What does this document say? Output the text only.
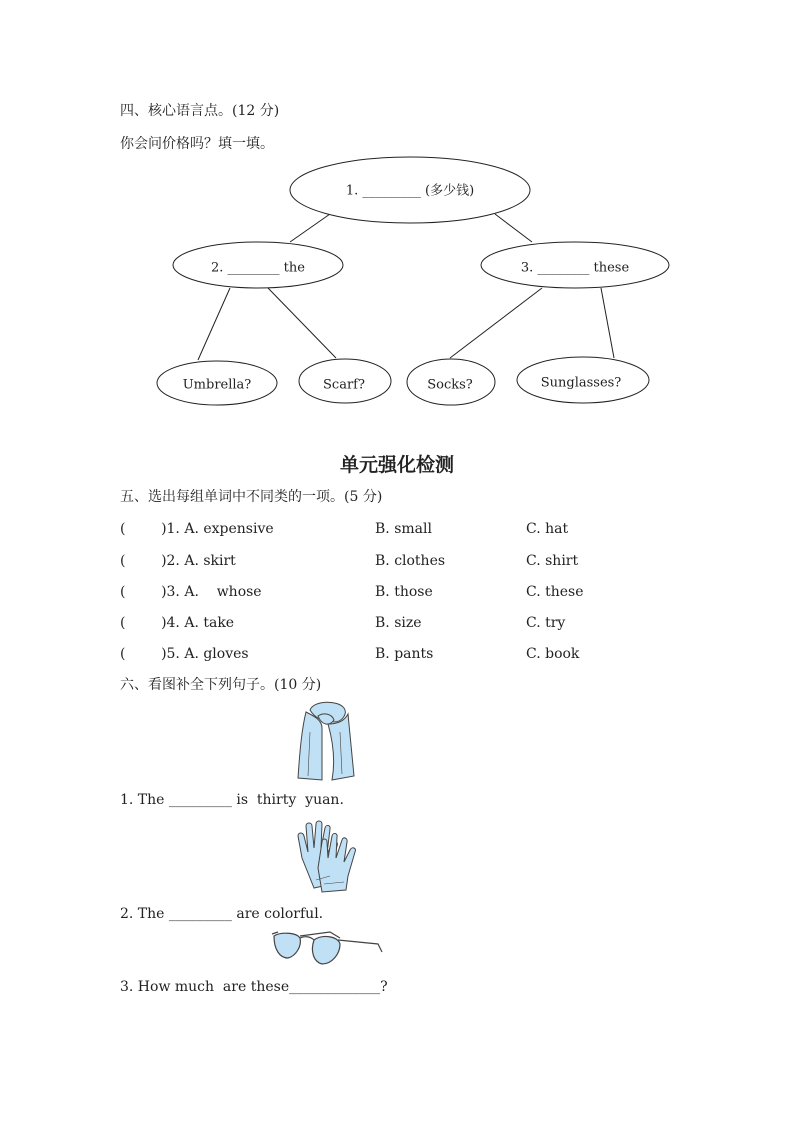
四、核心语言点。(12 分)
你会问价格吗？填一填。
1. _________ (多少钱)
2. ________ the	3. ________ these
Umbrella?	Scarf?	Socks?	Sunglasses?
单元强化检测
五、选出每组单词中不同类的一项。(5 分)
(        )1. A. expensive	B. small	C. hat
(        )2. A. skirt	B. clothes	C. shirt
(        )3. A.    whose	B. those	C. these
(        )4. A. take	B. size	C. try
(        )5. A. gloves	B. pants	C. book
六、看图补全下列句子。(10 分)
1. The _________ is  thirty  yuan.
2. The _________ are colorful.
3. How much  are these_____________?
